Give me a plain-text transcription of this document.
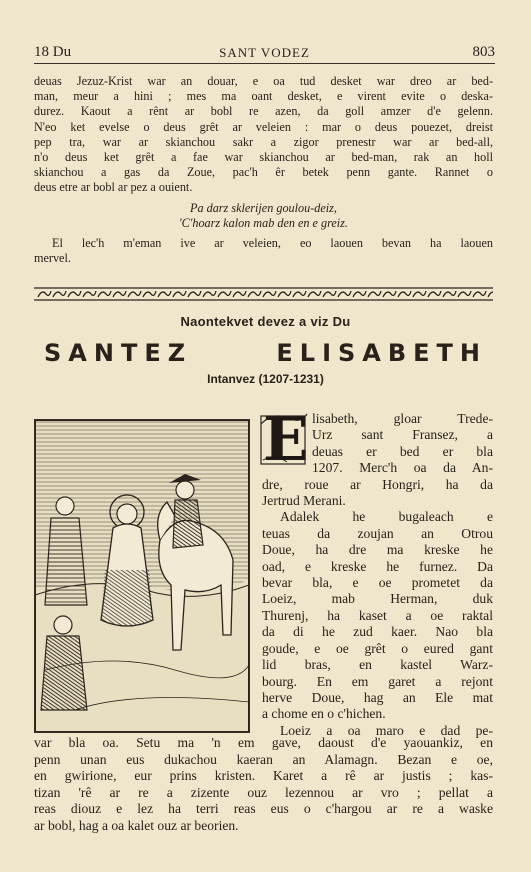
18 Du	SANT VODEZ	803
deuas Jezuz-Krist war an douar, e oa tud desket war dreo ar bed-
man, meur a hini ; mes ma oant desket, e virent evite o deska-
durez. Kaout a rênt ar bobl re azen, da goll amzer d'e gelenn.
N'eo ket evelse o deus grêt ar veleien : mar o deus pouezet, dreist
pep tra, war ar skianchou sakr a zigor prenestr war ar bed-all,
n'o deus ket grêt a fae war skianchou ar bed-man, rak an holl
skianchou a gas da Zoue, pac'h êr betek penn gante. Rannet o
deus etre ar bobl ar pez a ouient.
Pa darz sklerijen goulou-deiz,
'C'hoarz kalon mab den en e greiz.
El lec'h m'eman ive ar veleien, eo laouen bevan ha laouen
mervel.
Naontekvet devez a viz Du
SANTEZ	ELISABETH
Intanvez (1207-1231)
E lisabeth, gloar Trede-
Urz sant Fransez, a
deuas er bed er bla
1207. Merc'h oa da An-
dre, roue ar Hongri, ha da
Jertrud Merani.
Adalek he bugaleach e
teuas da zoujan an Otrou
Doue, ha dre ma kreske he
oad, e kreske he furnez. Da
bevar bla, e oe prometet da
Loeiz, mab Herman, duk
Thurenj, ha kaset a oe raktal
da di he zud kaer. Nao bla
goude, e oe grêt o eured gant
lid bras, en kastel Warz-
bourg. En em garet a rejont
herve Doue, hag an Ele mat
a chome en o c'hichen.
Loeiz a oa maro e dad pe-
var bla oa. Setu ma 'n em gave, daoust d'e yaouankiz, en
penn unan eus dukachou kaeran an Alamagn. Bezan e oe,
en gwirione, eur prins kristen. Karet a rê ar justis ; kas-
tizan 'rê ar re a zizente ouz lezennou ar vro ; pellat a
reas diouz e lez ha terri reas eus o c'hargou ar re a waske
ar bobl, hag a oa kalet ouz ar beorien.
